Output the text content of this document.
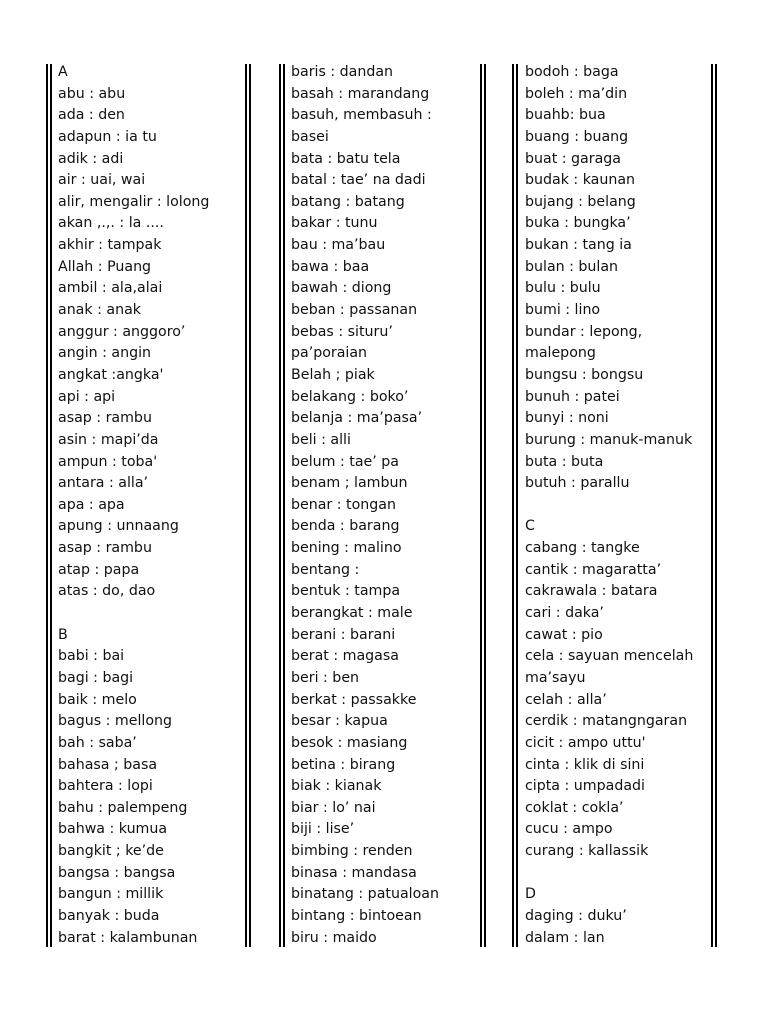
A
abu : abu
ada : den
adapun : ia tu
adik : adi
air : uai, wai
alir, mengalir : lolong
akan ,.,. : la ....
akhir : tampak
Allah : Puang
ambil : ala,alai
anak : anak
anggur : anggoro’
angin : angin
angkat :angka'
api : api
asap : rambu
asin : mapi’da
ampun : toba'
antara : alla’
apa : apa
apung : unnaang
asap : rambu
atap : papa
atas : do, dao
B
babi : bai
bagi : bagi
baik : melo
bagus : mellong
bah : saba’
bahasa ; basa
bahtera : lopi
bahu : palempeng
bahwa : kumua
bangkit ; ke’de
bangsa : bangsa
bangun : millik
banyak : buda
barat : kalambunan
baris : dandan
basah : marandang
basuh, membasuh :
basei
bata : batu tela
batal : tae’ na dadi
batang : batang
bakar : tunu
bau : ma’bau
bawa : baa
bawah : diong
beban : passanan
bebas : situru’
pa’poraian
Belah ; piak
belakang : boko’
belanja : ma’pasa’
beli : alli
belum : tae’ pa
benam ; lambun
benar : tongan
benda : barang
bening : malino
bentang :
bentuk : tampa
berangkat : male
berani : barani
berat : magasa
beri : ben
berkat : passakke
besar : kapua
besok : masiang
betina : birang
biak : kianak
biar : lo’ nai
biji : lise’
bimbing : renden
binasa : mandasa
binatang : patualoan
bintang : bintoean
biru : maido
bodoh : baga
boleh : ma’din
buahb: bua
buang : buang
buat : garaga
budak : kaunan
bujang : belang
buka : bungka’
bukan : tang ia
bulan : bulan
bulu : bulu
bumi : lino
bundar : lepong,
malepong
bungsu : bongsu
bunuh : patei
bunyi : noni
burung : manuk-manuk
buta : buta
butuh : parallu
C
cabang : tangke
cantik : magaratta’
cakrawala : batara
cari : daka’
cawat : pio
cela : sayuan mencelah
ma’sayu
celah : alla’
cerdik : matangngaran
cicit : ampo uttu'
cinta : klik di sini
cipta : umpadadi
coklat : cokla’
cucu : ampo
curang : kallassik
D
daging : duku’
dalam : lan
